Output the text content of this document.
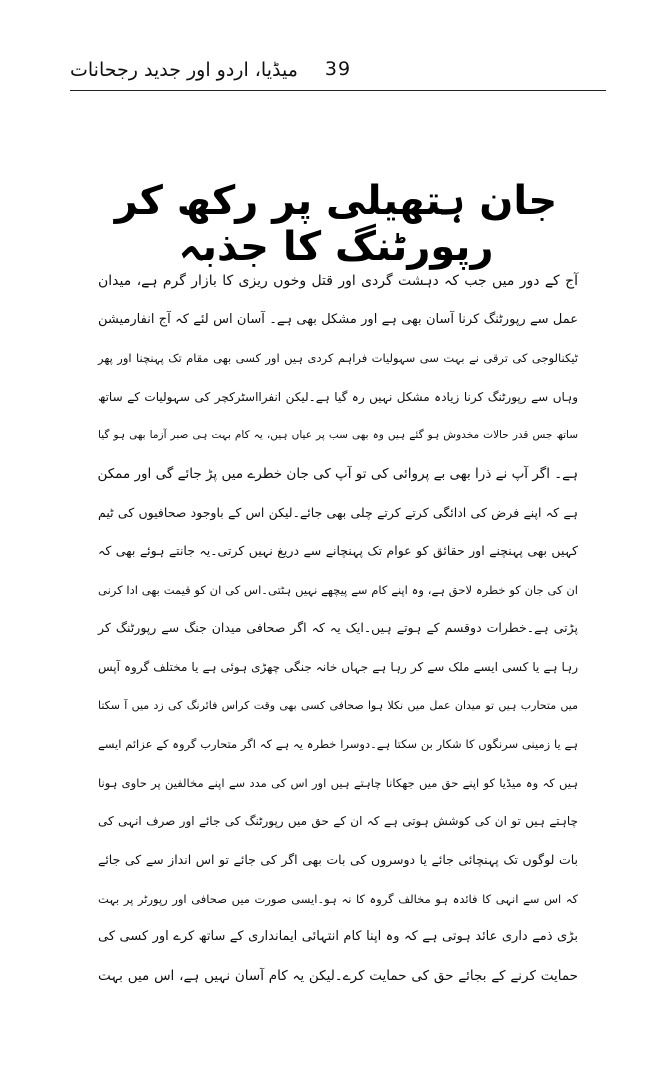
میڈیا، اردو اور جدید رجحانات	39
جان ہتھیلی پر رکھ کر رپورٹنگ کا جذبہ
آج کے دور میں جب کہ دہشت گردی اور قتل وخوں ریزی کا بازار گرم ہے، میدان
عمل سے رپورٹنگ کرنا آسان بھی ہے اور مشکل بھی ہے۔ آسان اس لئے کہ آج انفارمیشن
ٹیکنالوجی کی ترقی نے بہت سی سہولیات فراہم کردی ہیں اور کسی بھی مقام تک پہنچنا اور پھر
وہاں سے رپورٹنگ کرنا زیادہ مشکل نہیں رہ گیا ہے۔لیکن انفرااسٹرکچر کی سہولیات کے ساتھ
ساتھ جس قدر حالات مخدوش ہو گئے ہیں وہ بھی سب پر عیاں ہیں، یہ کام بہت ہی صبر آزما بھی ہو گیا
ہے۔ اگر آپ نے ذرا بھی بے پروائی کی تو آپ کی جان خطرے میں پڑ جائے گی اور ممکن
ہے کہ اپنے فرض کی ادائگی کرتے کرتے چلی بھی جائے۔لیکن اس کے باوجود صحافیوں کی ٹیم
کہیں بھی پہنچنے اور حقائق کو عوام تک پہنچانے سے دریغ نہیں کرتی۔یہ جانتے ہوئے بھی کہ
ان کی جان کو خطرہ لاحق ہے، وہ اپنے کام سے پیچھے نہیں ہٹتی۔اس کی ان کو قیمت بھی ادا کرنی
پڑتی ہے۔خطرات دوقسم کے ہوتے ہیں۔ایک یہ کہ اگر صحافی میدان جنگ سے رپورٹنگ کر
رہا ہے یا کسی ایسے ملک سے کر رہا ہے جہاں خانہ جنگی چھڑی ہوئی ہے یا مختلف گروہ آپس
میں متحارب ہیں تو میدان عمل میں نکلا ہوا صحافی کسی بھی وقت کراس فائرنگ کی زد میں آ سکتا
ہے یا زمینی سرنگوں کا شکار بن سکتا ہے۔دوسرا خطرہ یہ ہے کہ اگر متحارب گروہ کے عزائم ایسے
ہیں کہ وہ میڈیا کو اپنے حق میں جھکانا چاہتے ہیں اور اس کی مدد سے اپنے مخالفین پر حاوی ہونا
چاہتے ہیں تو ان کی کوشش ہوتی ہے کہ ان کے حق میں رپورٹنگ کی جائے اور صرف انہی کی
بات لوگوں تک پہنچائی جائے یا دوسروں کی بات بھی اگر کی جائے تو اس انداز سے کی جائے
کہ اس سے انہی کا فائدہ ہو مخالف گروہ کا نہ ہو۔ایسی صورت میں صحافی اور رپورٹر پر بہت
بڑی ذمے داری عائد ہوتی ہے کہ وہ اپنا کام انتہائی ایمانداری کے ساتھ کرے اور کسی کی
حمایت کرنے کے بجائے حق کی حمایت کرے۔لیکن یہ کام آسان نہیں ہے، اس میں بہت
